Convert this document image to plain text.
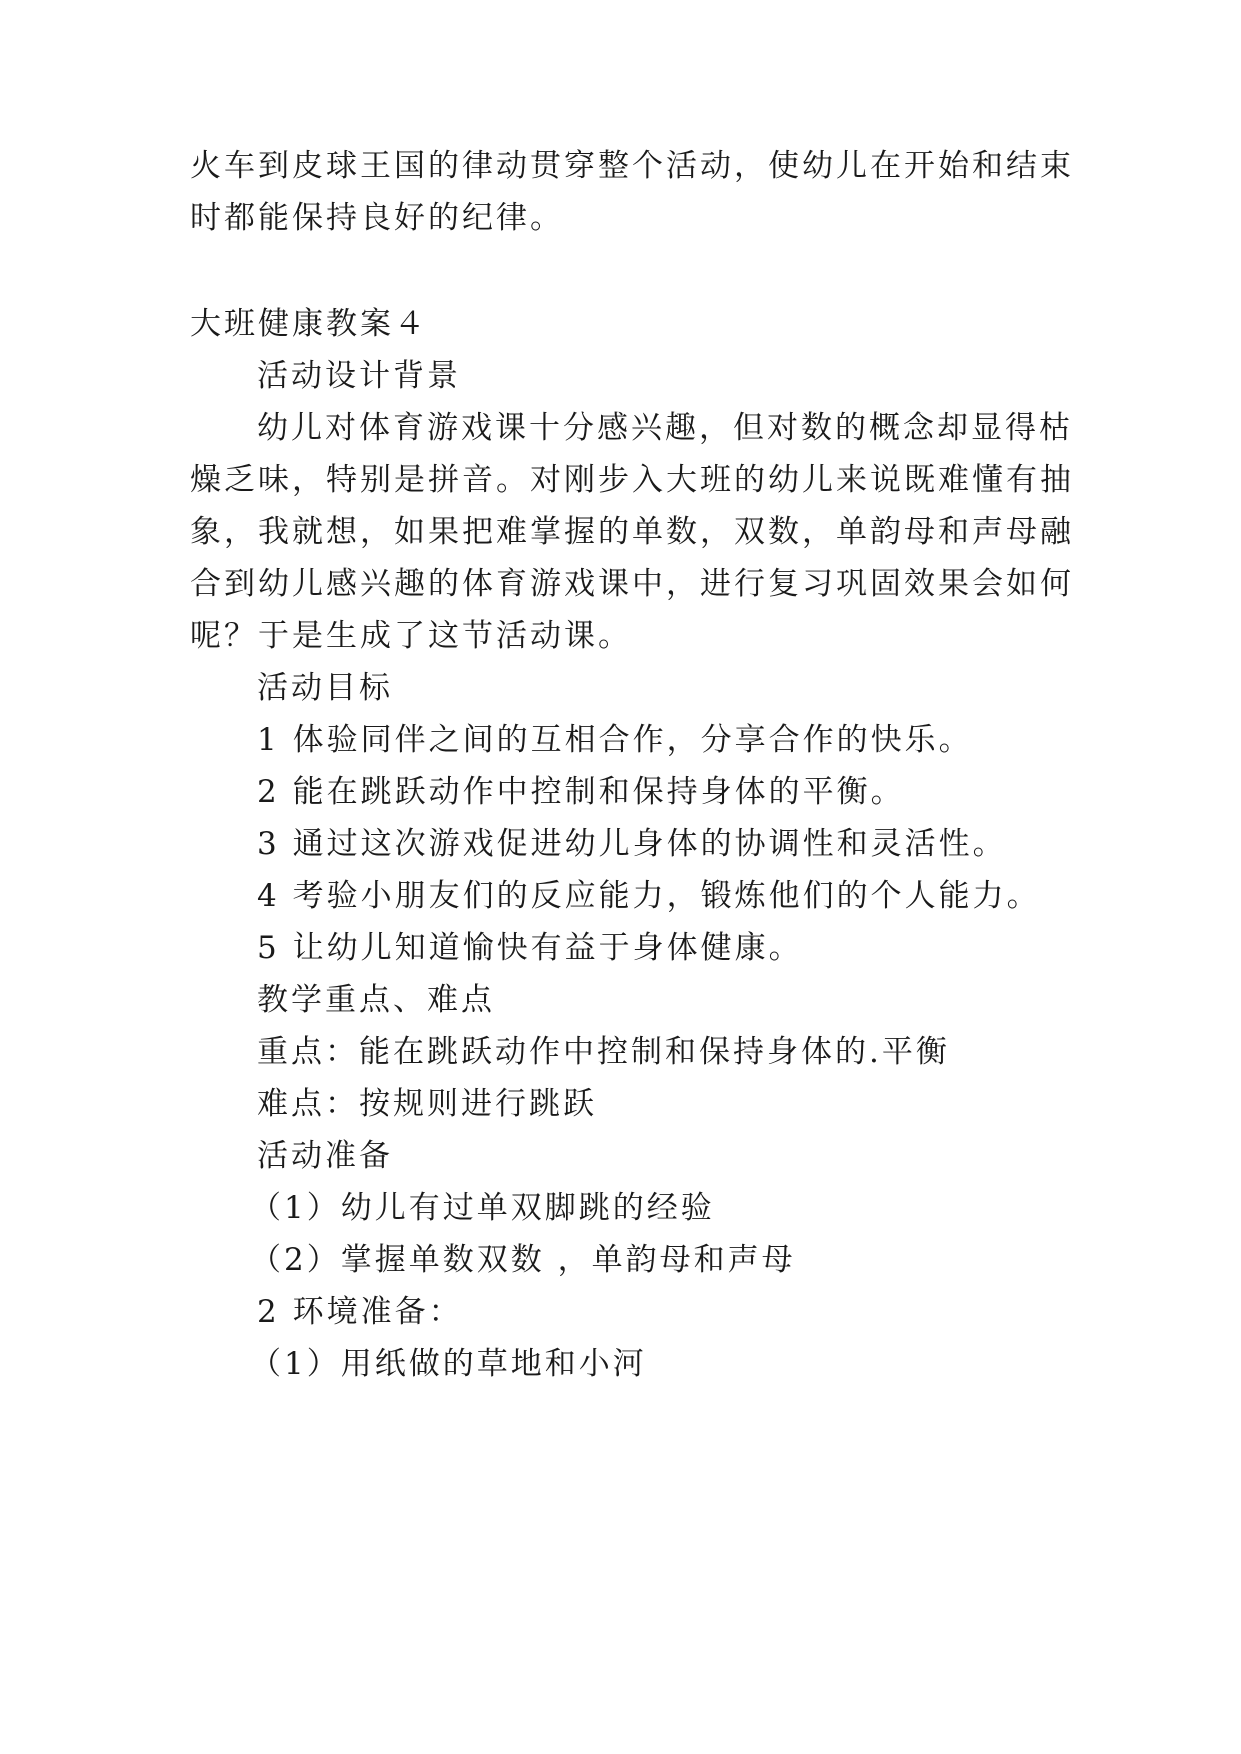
火车到皮球王国的律动贯穿整个活动，使幼儿在开始和结束
时都能保持良好的纪律。
大班健康教案４
活动设计背景
幼儿对体育游戏课十分感兴趣，但对数的概念却显得枯
燥乏味，特别是拼音。对刚步入大班的幼儿来说既难懂有抽
象，我就想，如果把难掌握的单数，双数，单韵母和声母融
合到幼儿感兴趣的体育游戏课中，进行复习巩固效果会如何
呢？于是生成了这节活动课。
活动目标
1 体验同伴之间的互相合作，分享合作的快乐。
2 能在跳跃动作中控制和保持身体的平衡。
3 通过这次游戏促进幼儿身体的协调性和灵活性。
4 考验小朋友们的反应能力，锻炼他们的个人能力。
5 让幼儿知道愉快有益于身体健康。
教学重点、难点
重点：能在跳跃动作中控制和保持身体的.平衡
难点：按规则进行跳跃
活动准备
（1）幼儿有过单双脚跳的经验
（2）掌握单数双数 ，单韵母和声母
2 环境准备：
（1）用纸做的草地和小河
